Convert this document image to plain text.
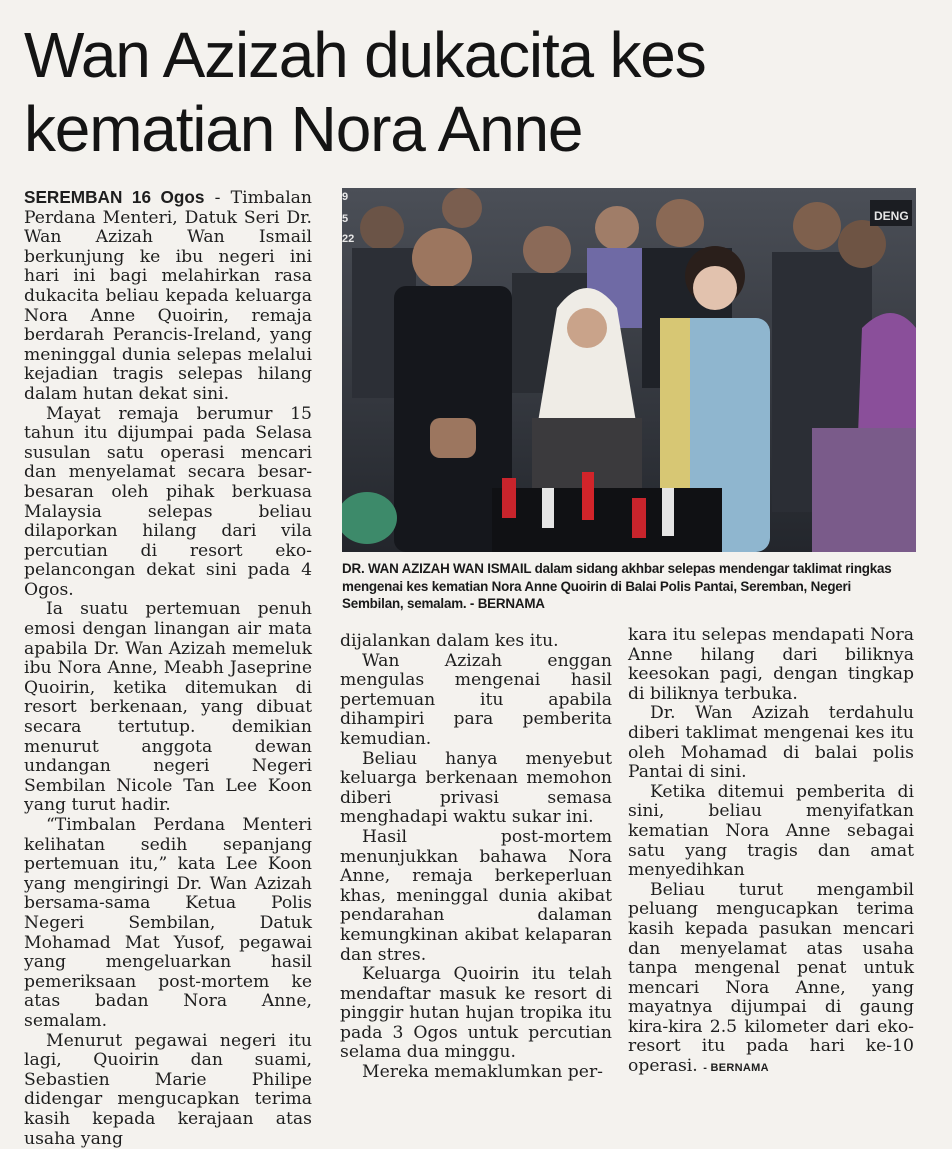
Wan Azizah dukacita kes
kematian Nora Anne

SEREMBAN 16 Ogos - Timbalan Perdana Menteri, Datuk Seri Dr. Wan Azizah Wan Ismail berkunjung ke ibu negeri ini hari ini bagi melahirkan rasa dukacita beliau kepada keluarga Nora Anne Quoirin, remaja berdarah Perancis-Ireland, yang meninggal dunia selepas melalui kejadian tragis selepas hilang dalam hutan dekat sini.

Mayat remaja berumur 15 tahun itu dijumpai pada Selasa susulan satu operasi mencari dan menyelamat secara besar-besaran oleh pihak berkuasa Malaysia selepas beliau dilaporkan hilang dari vila percutian di resort eko-pelancongan dekat sini pada 4 Ogos.

Ia suatu pertemuan penuh emosi dengan linangan air mata apabila Dr. Wan Azizah memeluk ibu Nora Anne, Meabh Jaseprine Quoirin, ketika ditemukan di resort berkenaan, yang dibuat secara tertutup. demikian menurut anggota dewan undangan negeri Negeri Sembilan Nicole Tan Lee Koon yang turut hadir.

“Timbalan Perdana Menteri kelihatan sedih sepanjang pertemuan itu,” kata Lee Koon yang mengiringi Dr. Wan Azizah bersama-sama Ketua Polis Negeri Sembilan, Datuk Mohamad Mat Yusof, pegawai yang mengeluarkan hasil pemeriksaan post-mortem ke atas badan Nora Anne, semalam.

Menurut pegawai negeri itu lagi, Quoirin dan suami, Sebastien Marie Philipe didengar mengucapkan terima kasih kepada kerajaan atas usaha yang

DENG
9
5
22
DR. WAN AZIZAH WAN ISMAIL dalam sidang akhbar selepas mendengar taklimat ringkas mengenai kes kematian Nora Anne Quoirin di Balai Polis Pantai, Seremban, Negeri Sembilan, semalam. - BERNAMA

dijalankan dalam kes itu.

Wan Azizah enggan mengulas mengenai hasil pertemuan itu apabila dihampiri para pemberita kemudian.

Beliau hanya menyebut keluarga berkenaan memohon diberi privasi semasa menghadapi waktu sukar ini.

Hasil post-mortem menunjukkan bahawa Nora Anne, remaja berkeperluan khas, meninggal dunia akibat pendarahan dalaman kemungkinan akibat kelaparan dan stres.

Keluarga Quoirin itu telah mendaftar masuk ke resort di pinggir hutan hujan tropika itu pada 3 Ogos untuk percutian selama dua minggu.

Mereka memaklumkan per-

kara itu selepas mendapati Nora Anne hilang dari biliknya keesokan pagi, dengan tingkap di biliknya terbuka.

Dr. Wan Azizah terdahulu diberi taklimat mengenai kes itu oleh Mohamad di balai polis Pantai di sini.

Ketika ditemui pemberita di sini, beliau menyifatkan kematian Nora Anne sebagai satu yang tragis dan amat menyedihkan

Beliau turut mengambil peluang mengucapkan terima kasih kepada pasukan mencari dan menyelamat atas usaha tanpa mengenal penat untuk mencari Nora Anne, yang mayatnya dijumpai di gaung kira-kira 2.5 kilometer dari eko-resort itu pada hari ke-10 operasi. - BERNAMA
